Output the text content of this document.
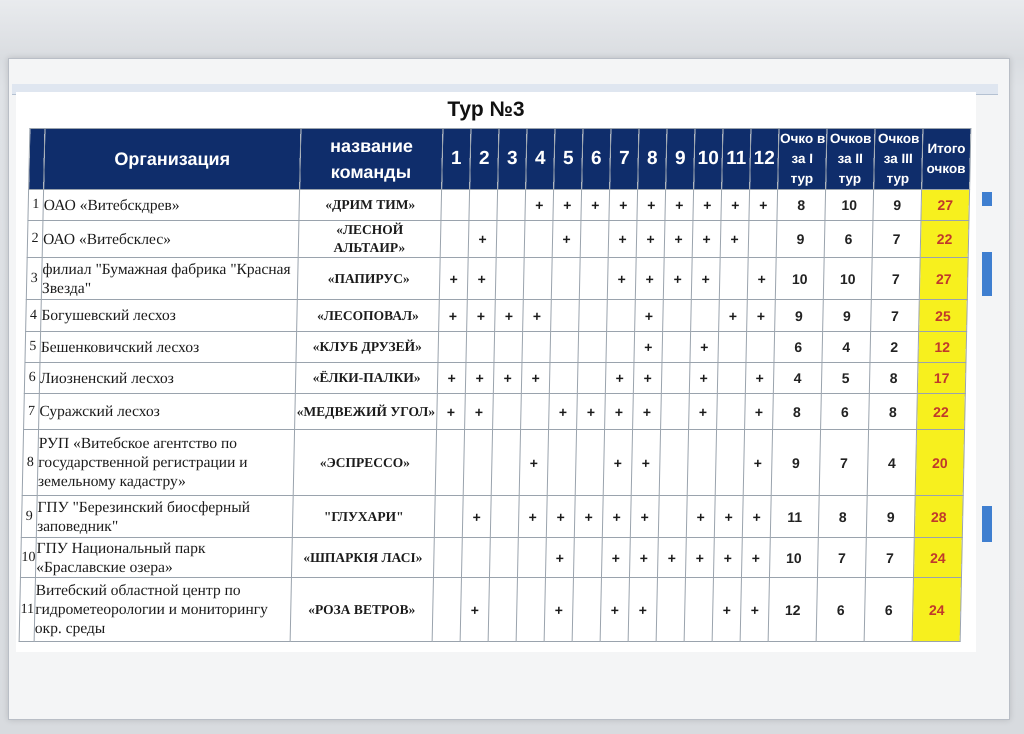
Тур №3
	Организация	название команды	1	2	3	4	5	6	7	8	9	10	11	12	Очко в за I тур	Очков за II тур	Очков за III тур	Итого очков
1	ОАО «Витебскдрев»	«ДРИМ ТИМ»				+	+	+	+	+	+	+	+	+	8	10	9	27
2	ОАО «Витебсклес»	«ЛЕСНОЙ АЛЬТАИР»		+			+		+	+	+	+	+		9	6	7	22
3	филиал "Бумажная фабрика "Красная Звезда"	«ПАПИРУС»	+	+					+	+	+	+		+	10	10	7	27
4	Богушевский лесхоз	«ЛЕСОПОВАЛ»	+	+	+	+				+			+	+	9	9	7	25
5	Бешенковичский лесхоз	«КЛУБ ДРУЗЕЙ»								+		+			6	4	2	12
6	Лиозненский лесхоз	«ЁЛКИ-ПАЛКИ»	+	+	+	+			+	+		+		+	4	5	8	17
7	Суражский лесхоз	«МЕДВЕЖИЙ УГОЛ»	+	+			+	+	+	+		+		+	8	6	8	22
8	РУП «Витебское агентство по государственной регистрации и земельному кадастру»	«ЭСПРЕССО»				+			+	+				+	9	7	4	20
9	ГПУ "Березинский биосферный заповедник"	"ГЛУХАРИ"		+		+	+	+	+	+		+	+	+	11	8	9	28
10	ГПУ Национальный парк «Браславские озера»	«ШПАРКІЯ ЛАСІ»					+		+	+	+	+	+	+	10	7	7	24
11	Витебский областной центр по гидрометеорологии и мониторингу окр. среды	«РОЗА ВЕТРОВ»		+			+		+	+			+	+	12	6	6	24
